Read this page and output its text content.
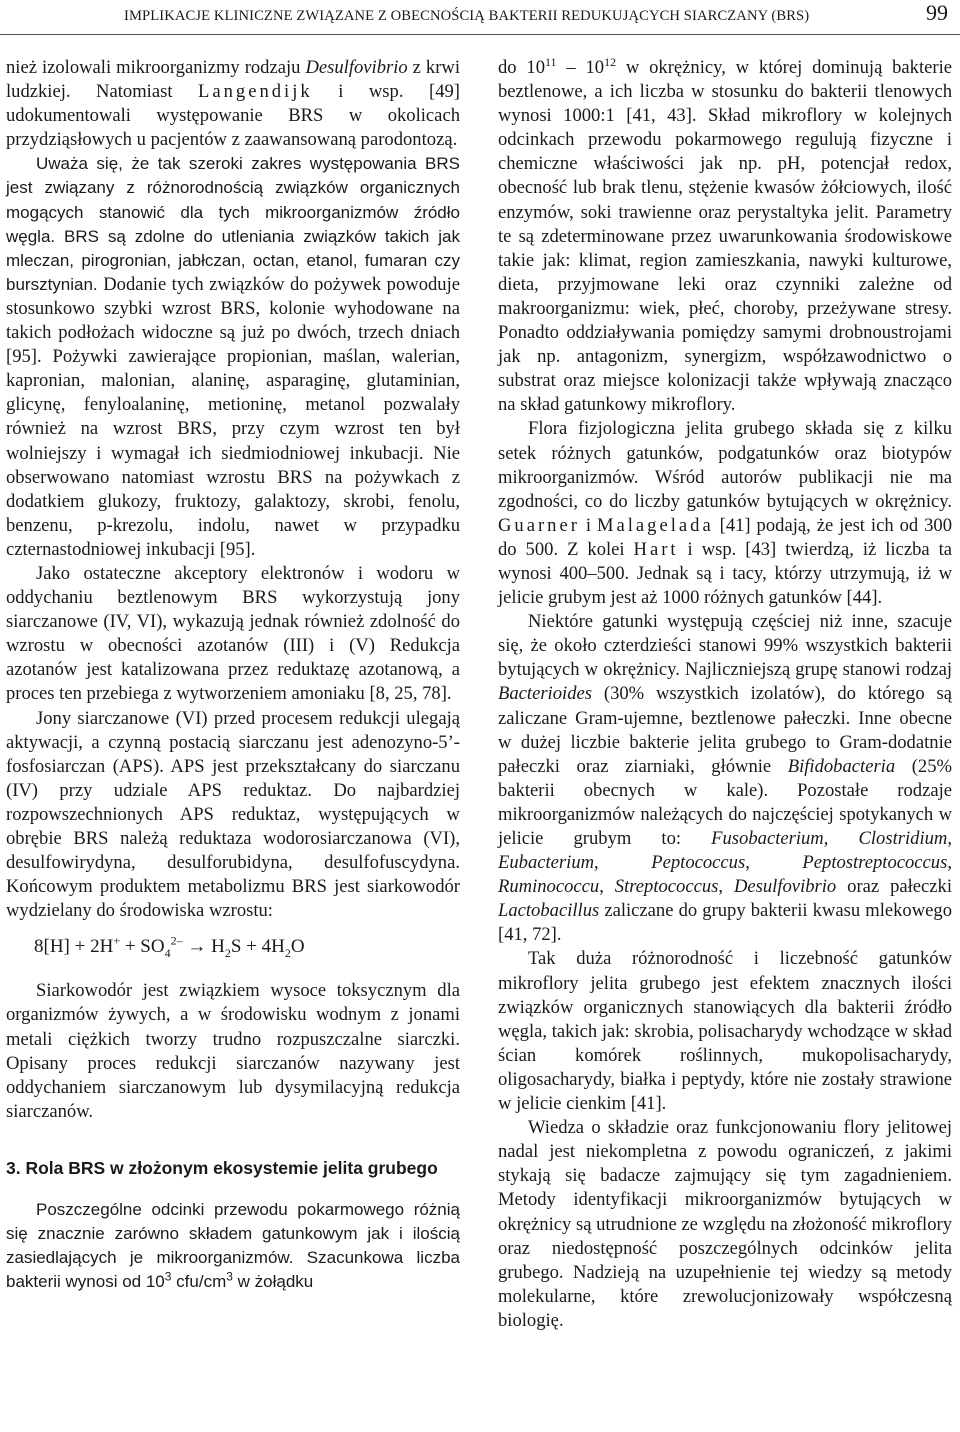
IMPLIKACJE KLINICZNE ZWIĄZANE Z OBECNOŚCIĄ BAKTERII REDUKUJĄCYCH SIARCZANY (BRS)	99

nież izolowali mikroorganizmy rodzaju Desulfovibrio z krwi ludzkiej. Natomiast Langendijk i wsp. [49] udokumentowali występowanie BRS w okolicach przydziąsłowych u pacjentów z zaawansowaną parodontozą.

Uważa się, że tak szeroki zakres występowania BRS jest związany z różnorodnością związków organicznych mogących stanowić dla tych mikroorganizmów źródło węgla. BRS są zdolne do utleniania związków takich jak mleczan, pirogronian, jabłczan, octan, etanol, fumaran czy bursztynian. Dodanie tych związków do pożywek powoduje stosunkowo szybki wzrost BRS, kolonie wyhodowane na takich podłożach widoczne są już po dwóch, trzech dniach [95]. Pożywki zawierające propionian, maślan, walerian, kapronian, malonian, alaninę, asparaginę, glutaminian, glicynę, fenyloalaninę, metioninę, metanol pozwalały również na wzrost BRS, przy czym wzrost ten był wolniejszy i wymagał ich siedmiodniowej inkubacji. Nie obserwowano natomiast wzrostu BRS na pożywkach z dodatkiem glukozy, fruktozy, galaktozy, skrobi, fenolu, benzenu, p-krezolu, indolu, nawet w przypadku czternastodniowej inkubacji [95].

Jako ostateczne akceptory elektronów i wodoru w oddychaniu beztlenowym BRS wykorzystują jony siarczanowe (IV, VI), wykazują jednak również zdolność do wzrostu w obecności azotanów (III) i (V) Redukcja azotanów jest katalizowana przez reduktazę azotanową, a proces ten przebiega z wytworzeniem amoniaku [8, 25, 78].

Jony siarczanowe (VI) przed procesem redukcji ulegają aktywacji, a czynną postacią siarczanu jest adenozyno-5’-fosfosiarczan (APS). APS jest przekształcany do siarczanu (IV) przy udziale APS reduktaz. Do najbardziej rozpowszechnionych APS reduktaz, występujących w obrębie BRS należą reduktaza wodorosiarczanowa (VI), desulfowirydyna, desulforubidyna, desulfofuscydyna. Końcowym produktem metabolizmu BRS jest siarkowodór wydzielany do środowiska wzrostu:

$8[H] + 2H^+ + SO_4^{2-} \to H_2S + 4H_2O$

Siarkowodór jest związkiem wysoce toksycznym dla organizmów żywych, a w środowisku wodnym z jonami metali ciężkich tworzy trudno rozpuszczalne siarczki. Opisany proces redukcji siarczanów nazywany jest oddychaniem siarczanowym lub dysymilacyjną redukcja siarczanów.

3. Rola BRS w złożonym ekosystemie jelita grubego

Poszczególne odcinki przewodu pokarmowego różnią się znacznie zarówno składem gatunkowym jak i ilością zasiedlających je mikroorganizmów. Szacunkowa liczba bakterii wynosi od $10^3$ cfu/$cm^3$ w żołądku

do $10^{11} - 10^{12}$ w okrężnicy, w której dominują bakterie beztlenowe, a ich liczba w stosunku do bakterii tlenowych wynosi 1000:1 [41, 43]. Skład mikroflory w kolejnych odcinkach przewodu pokarmowego regulują fizyczne i chemiczne właściwości jak np. pH, potencjał redox, obecność lub brak tlenu, stężenie kwasów żółciowych, ilość enzymów, soki trawienne oraz perystaltyka jelit. Parametry te są zdeterminowane przez uwarunkowania środowiskowe takie jak: klimat, region zamieszkania, nawyki kulturowe, dieta, przyjmowane leki oraz czynniki zależne od makroorganizmu: wiek, płeć, choroby, przeżywane stresy. Ponadto oddziaływania pomiędzy samymi drobnoustrojami jak np. antagonizm, synergizm, współzawodnictwo o substrat oraz miejsce kolonizacji także wpływają znacząco na skład gatunkowy mikroflory.

Flora fizjologiczna jelita grubego składa się z kilku setek różnych gatunków, podgatunków oraz biotypów mikroorganizmów. Wśród autorów publikacji nie ma zgodności, co do liczby gatunków bytujących w okrężnicy. Guarner i Malagelada [41] podają, że jest ich od 300 do 500. Z kolei Hart i wsp. [43] twierdzą, iż liczba ta wynosi 400–500. Jednak są i tacy, którzy utrzymują, iż w jelicie grubym jest aż 1000 różnych gatunków [44].

Niektóre gatunki występują częściej niż inne, szacuje się, że około czterdzieści stanowi 99% wszystkich bakterii bytujących w okrężnicy. Najliczniejszą grupę stanowi rodzaj Bacterioides (30% wszystkich izolatów), do którego są zaliczane Gram-ujemne, beztlenowe pałeczki. Inne obecne w dużej liczbie bakterie jelita grubego to Gram-dodatnie pałeczki oraz ziarniaki, głównie Bifidobacteria (25% bakterii obecnych w kale). Pozostałe rodzaje mikroorganizmów należących do najczęściej spotykanych w jelicie grubym to: Fusobacterium, Clostridium, Eubacterium, Peptococcus, Peptostreptococcus, Ruminococcu, Streptococcus, Desulfovibrio oraz pałeczki Lactobacillus zaliczane do grupy bakterii kwasu mlekowego [41, 72].

Tak duża różnorodność i liczebność gatunków mikroflory jelita grubego jest efektem znacznych ilości związków organicznych stanowiących dla bakterii źródło węgla, takich jak: skrobia, polisacharydy wchodzące w skład ścian komórek roślinnych, mukopolisacharydy, oligosacharydy, białka i peptydy, które nie zostały strawione w jelicie cienkim [41].

Wiedza o składzie oraz funkcjonowaniu flory jelitowej nadal jest niekompletna z powodu ograniczeń, z jakimi stykają się badacze zajmujący się tym zagadnieniem. Metody identyfikacji mikroorganizmów bytujących w okrężnicy są utrudnione ze względu na złożoność mikroflory oraz niedostępność poszczególnych odcinków jelita grubego. Nadzieją na uzupełnienie tej wiedzy są metody molekularne, które zrewolucjonizowały współczesną biologię.
